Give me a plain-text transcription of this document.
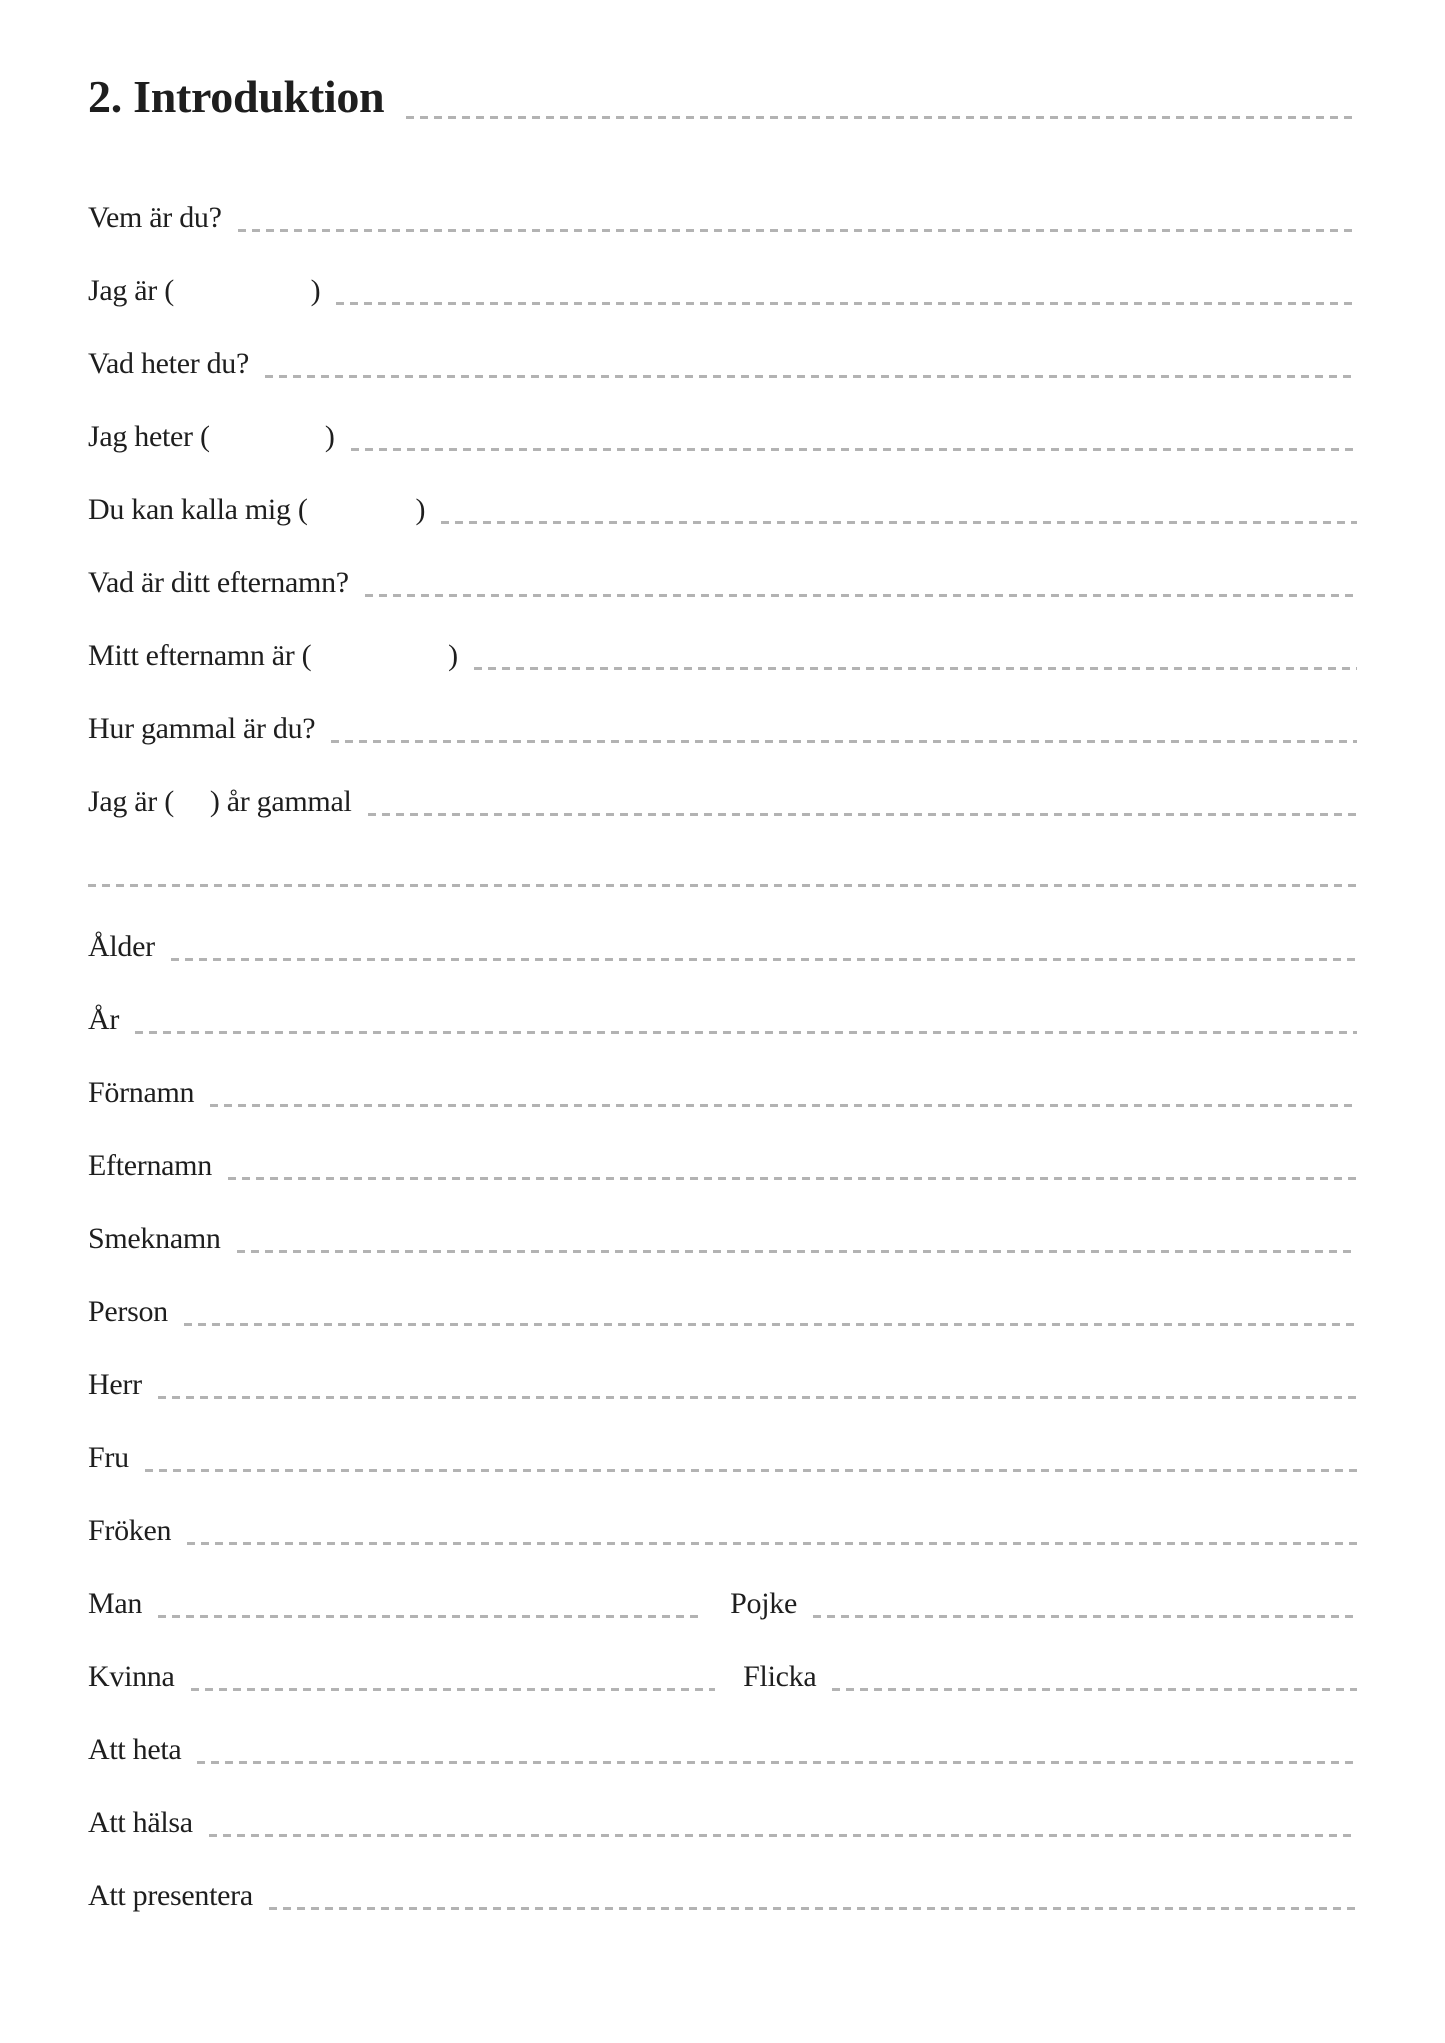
2. Introduktion
Vem är du?
Jag är (                   )
Vad heter du?
Jag heter (                )
Du kan kalla mig (               )
Vad är ditt efternamn?
Mitt efternamn är (                   )
Hur gammal är du?
Jag är (     ) år gammal
Ålder
År
Förnamn
Efternamn
Smeknamn
Person
Herr
Fru
Fröken
Man	Pojke
Kvinna	Flicka
Att heta
Att hälsa
Att presentera
